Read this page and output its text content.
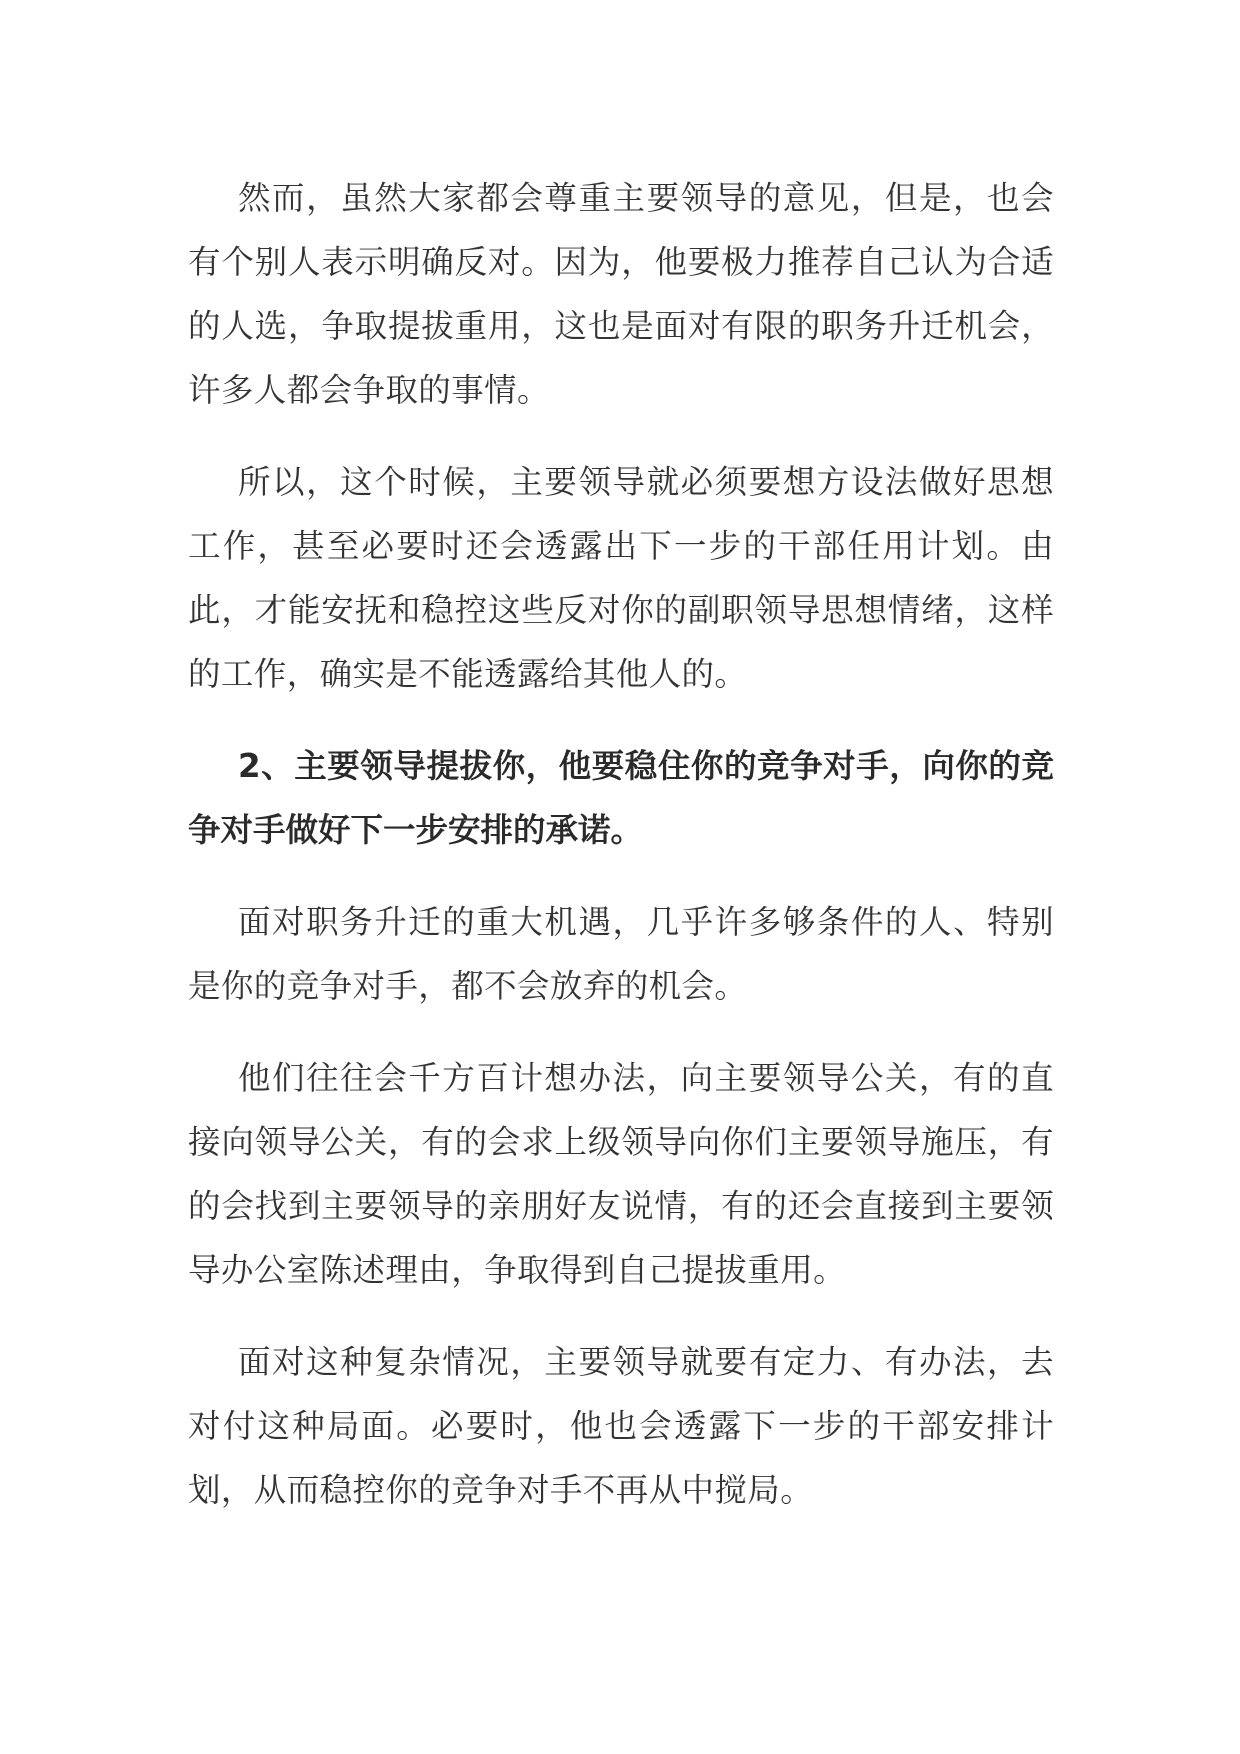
然而，虽然大家都会尊重主要领导的意见，但是，也会有个别人表示明确反对。因为，他要极力推荐自己认为合适的人选，争取提拔重用，这也是面对有限的职务升迁机会，许多人都会争取的事情。

所以，这个时候，主要领导就必须要想方设法做好思想工作，甚至必要时还会透露出下一步的干部任用计划。由此，才能安抚和稳控这些反对你的副职领导思想情绪，这样的工作，确实是不能透露给其他人的。

2、主要领导提拔你，他要稳住你的竞争对手，向你的竞争对手做好下一步安排的承诺。

面对职务升迁的重大机遇，几乎许多够条件的人、特别是你的竞争对手，都不会放弃的机会。

他们往往会千方百计想办法，向主要领导公关，有的直接向领导公关，有的会求上级领导向你们主要领导施压，有的会找到主要领导的亲朋好友说情，有的还会直接到主要领导办公室陈述理由，争取得到自己提拔重用。

面对这种复杂情况，主要领导就要有定力、有办法，去对付这种局面。必要时，他也会透露下一步的干部安排计划，从而稳控你的竞争对手不再从中搅局。
